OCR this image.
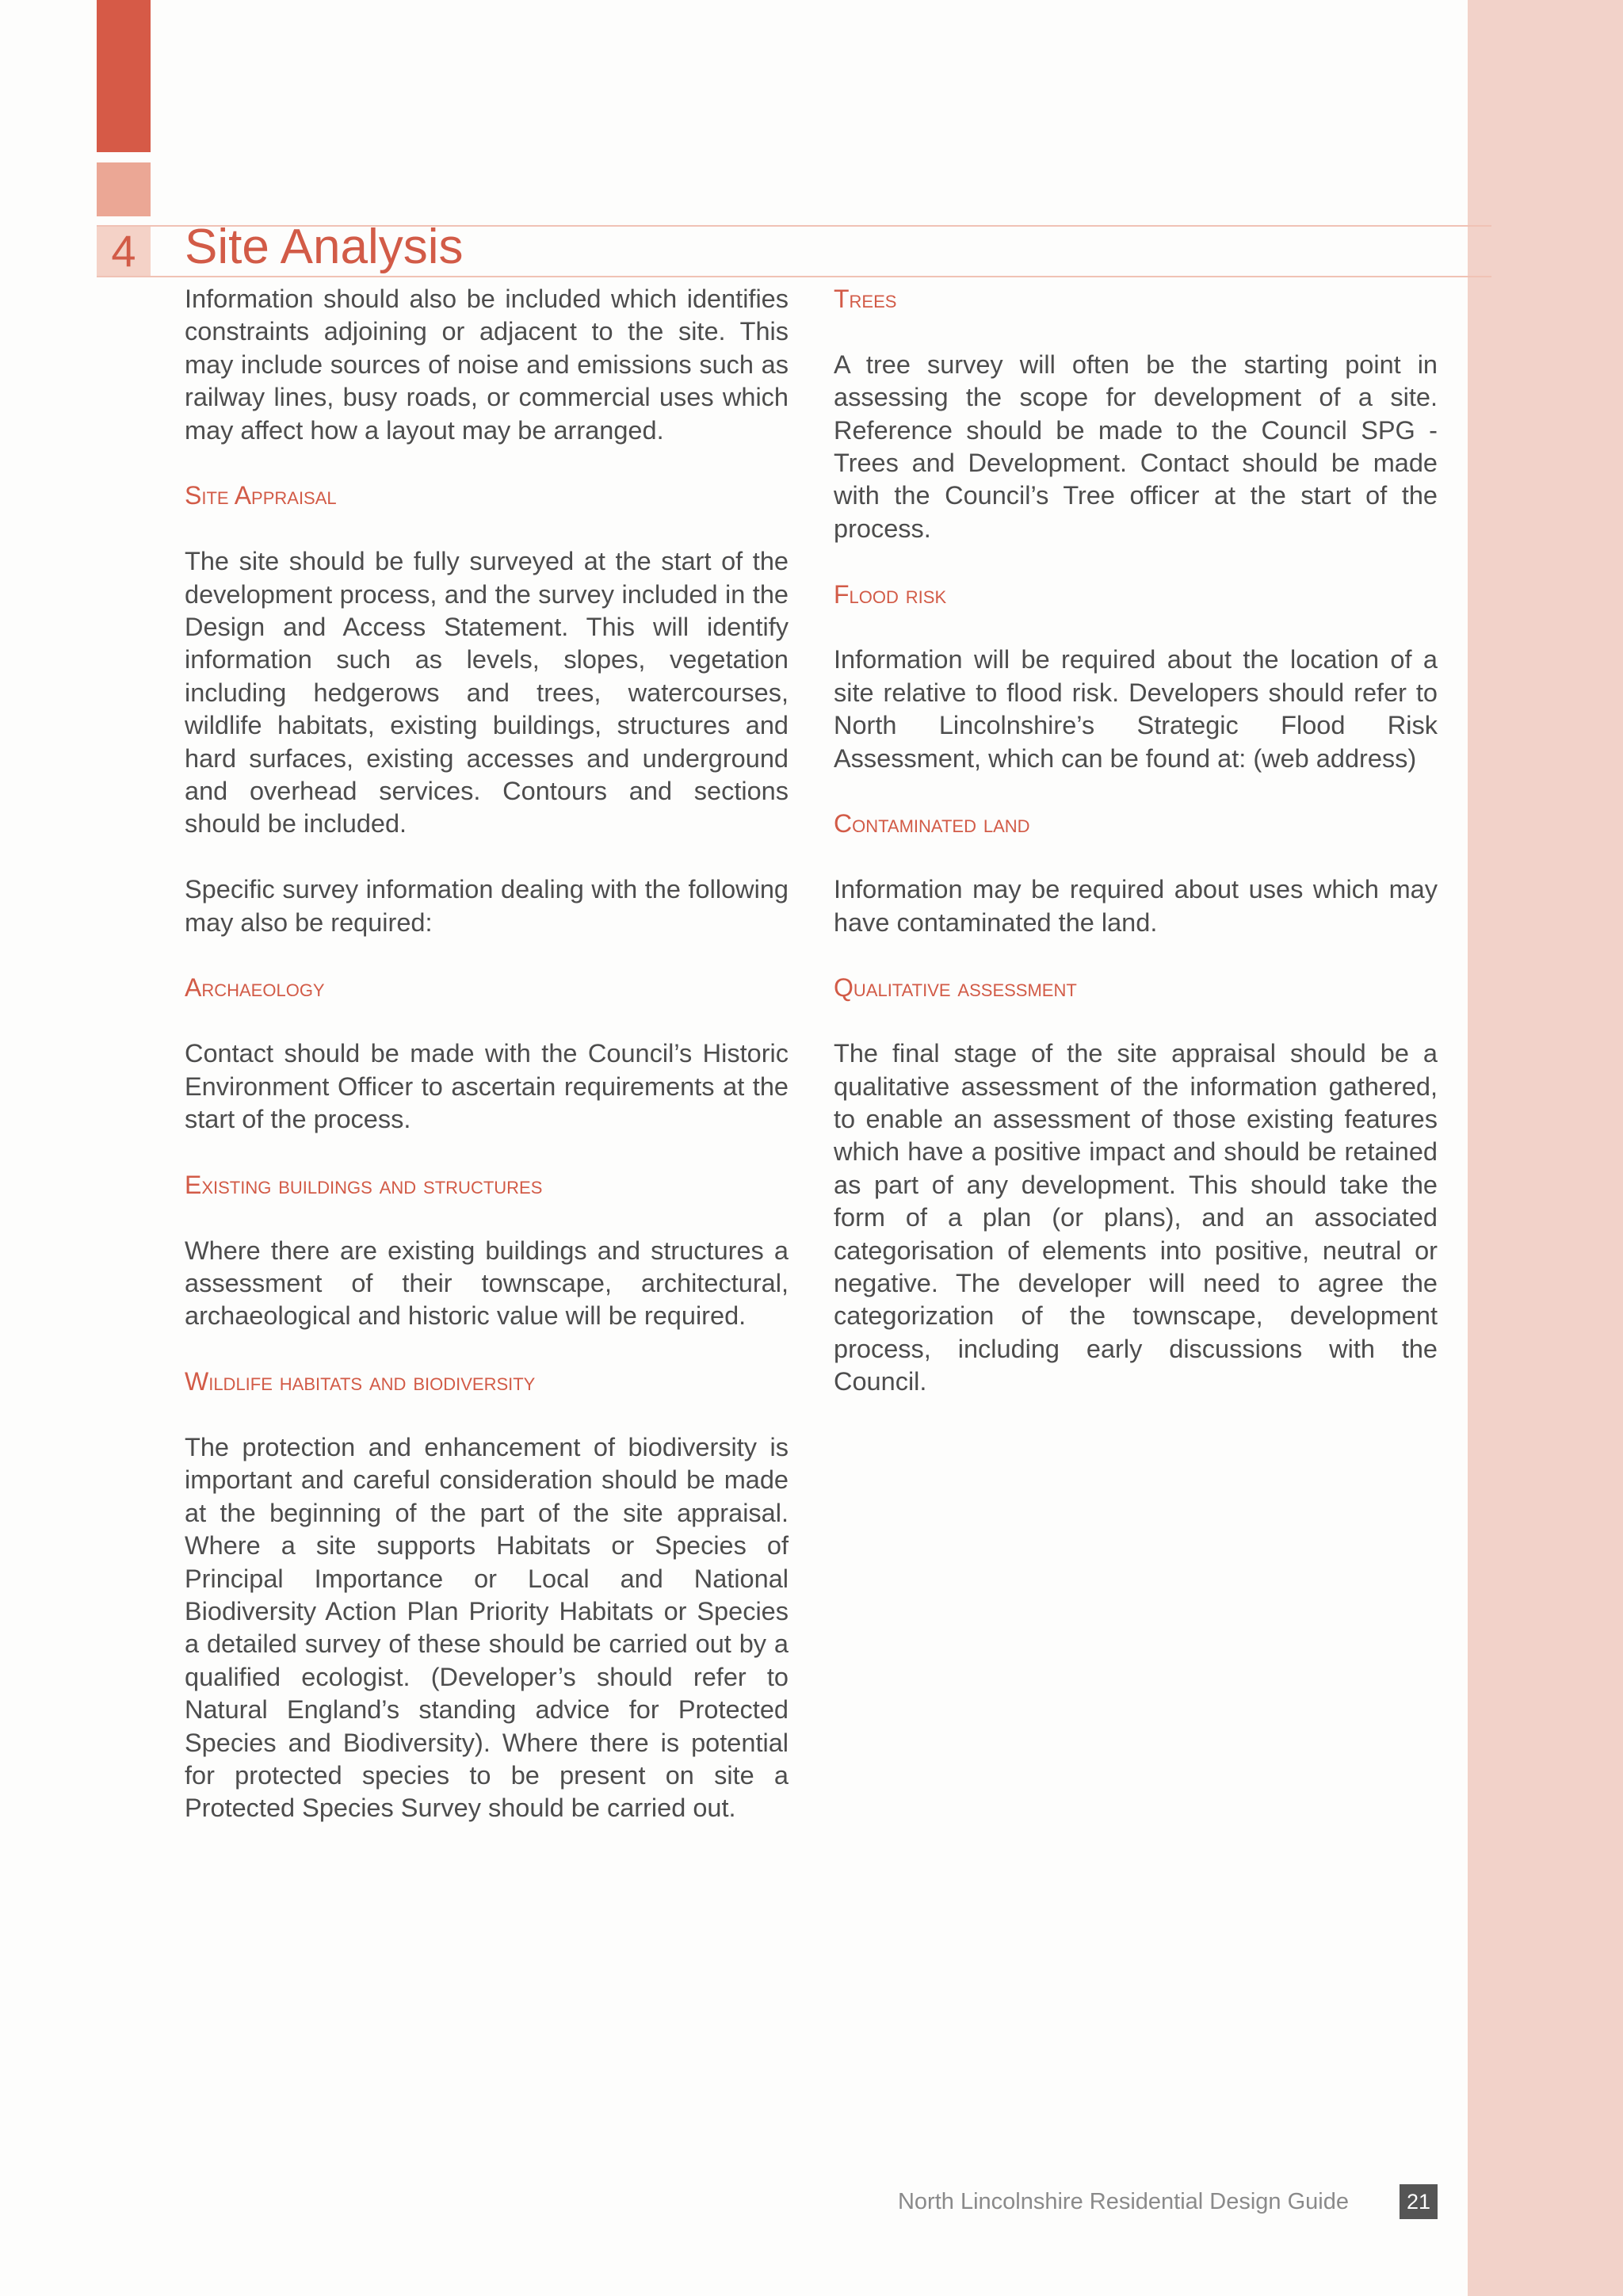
4 Site Analysis

Information should also be included which identifies constraints adjoining or adjacent to the site. This may include sources of noise and emissions such as railway lines, busy roads, or commercial uses which may affect how a layout may be arranged.

Site Appraisal

The site should be fully surveyed at the start of the development process, and the survey included in the Design and Access Statement. This will identify information such as levels, slopes, vegetation including hedgerows and trees, watercourses, wildlife habitats, existing buildings, structures and hard surfaces, existing accesses and underground and overhead services. Contours and sections should be included.

Specific survey information dealing with the following may also be required:

Archaeology

Contact should be made with the Council’s Historic Environment Officer to ascertain requirements at the start of the process.

Existing buildings and structures

Where there are existing buildings and structures a assessment of their townscape, architectural, archaeological and historic value will be required.

Wildlife habitats and biodiversity

The protection and enhancement of biodiversity is important and careful consideration should be made at the beginning of the part of the site appraisal. Where a site supports Habitats or Species of Principal Importance or Local and National Biodiversity Action Plan Priority Habitats or Species a detailed survey of these should be carried out by a qualified ecologist. (Developer’s should refer to Natural England’s standing advice for Protected Species and Biodiversity). Where there is potential for protected species to be present on site a Protected Species Survey should be carried out.

Trees

A tree survey will often be the starting point in assessing the scope for development of a site. Reference should be made to the Council SPG - Trees and Development. Contact should be made with the Council’s Tree officer at the start of the process.

Flood risk

Information will be required about the location of a site relative to flood risk. Developers should refer to North Lincolnshire’s Strategic Flood Risk Assessment, which can be found at: (web address)

Contaminated land

Information may be required about uses which may have contaminated the land.

Qualitative assessment

The final stage of the site appraisal should be a qualitative assessment of the information gathered, to enable an assessment of those existing features which have a positive impact and should be retained as part of any development. This should take the form of a plan (or plans), and an associated categorisation of elements into positive, neutral or negative. The developer will need to agree the categorization of the townscape, development process, including early discussions with the Council.

North Lincolnshire Residential Design Guide	21
